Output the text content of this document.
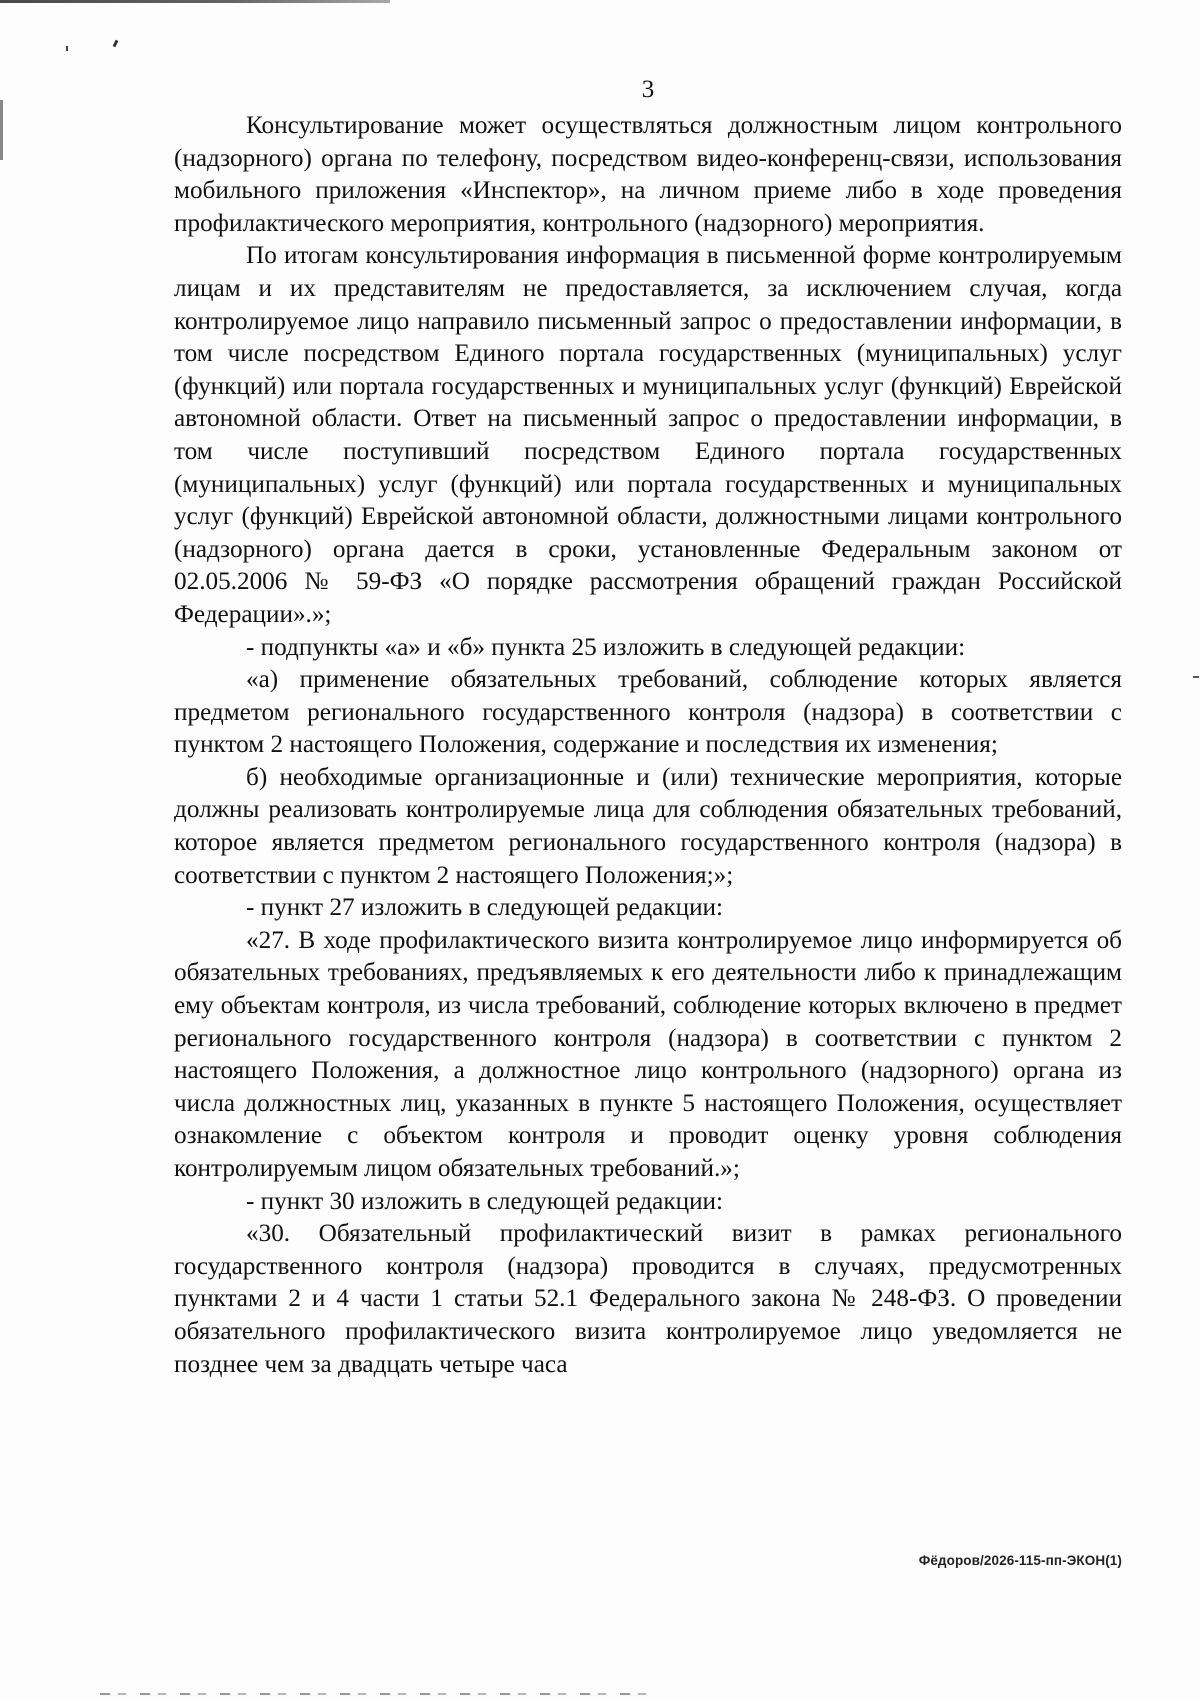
3

Консультирование может осуществляться должностным лицом контрольного (надзорного) органа по телефону, посредством видео-конференц-связи, использования мобильного приложения «Инспектор», на личном приеме либо в ходе проведения профилактического мероприятия, контрольного (надзорного) мероприятия.

По итогам консультирования информация в письменной форме контролируемым лицам и их представителям не предоставляется, за исключением случая, когда контролируемое лицо направило письменный запрос о предоставлении информации, в том числе посредством Единого портала государственных (муниципальных) услуг (функций) или портала государственных и муниципальных услуг (функций) Еврейской автономной области. Ответ на письменный запрос о предоставлении информации, в том числе поступивший посредством Единого портала государственных (муниципальных) услуг (функций) или портала государственных и муниципальных услуг (функций) Еврейской автономной области, должностными лицами контрольного (надзорного) органа дается в сроки, установленные Федеральным законом от 02.05.2006 № 59-ФЗ «О порядке рассмотрения обращений граждан Российской Федерации».»;

- подпункты «а» и «б» пункта 25 изложить в следующей редакции:

«а) применение обязательных требований, соблюдение которых является предметом регионального государственного контроля (надзора) в соответствии с пунктом 2 настоящего Положения, содержание и последствия их изменения;

б) необходимые организационные и (или) технические мероприятия, которые должны реализовать контролируемые лица для соблюдения обязательных требований, которое является предметом регионального государственного контроля (надзора) в соответствии с пунктом 2 настоящего Положения;»;

- пункт 27 изложить в следующей редакции:

«27. В ходе профилактического визита контролируемое лицо информируется об обязательных требованиях, предъявляемых к его деятельности либо к принадлежащим ему объектам контроля, из числа требований, соблюдение которых включено в предмет регионального государственного контроля (надзора) в соответствии с пунктом 2 настоящего Положения, а должностное лицо контрольного (надзорного) органа из числа должностных лиц, указанных в пункте 5 настоящего Положения, осуществляет ознакомление с объектом контроля и проводит оценку уровня соблюдения контролируемым лицом обязательных требований.»;

- пункт 30 изложить в следующей редакции:

«30. Обязательный профилактический визит в рамках регионального государственного контроля (надзора) проводится в случаях, предусмотренных пунктами 2 и 4 части 1 статьи 52.1 Федерального закона № 248-ФЗ. О проведении обязательного профилактического визита контролируемое лицо уведомляется не позднее чем за двадцать четыре часа

Фёдоров/2026-115-пп-ЭКОН(1)
